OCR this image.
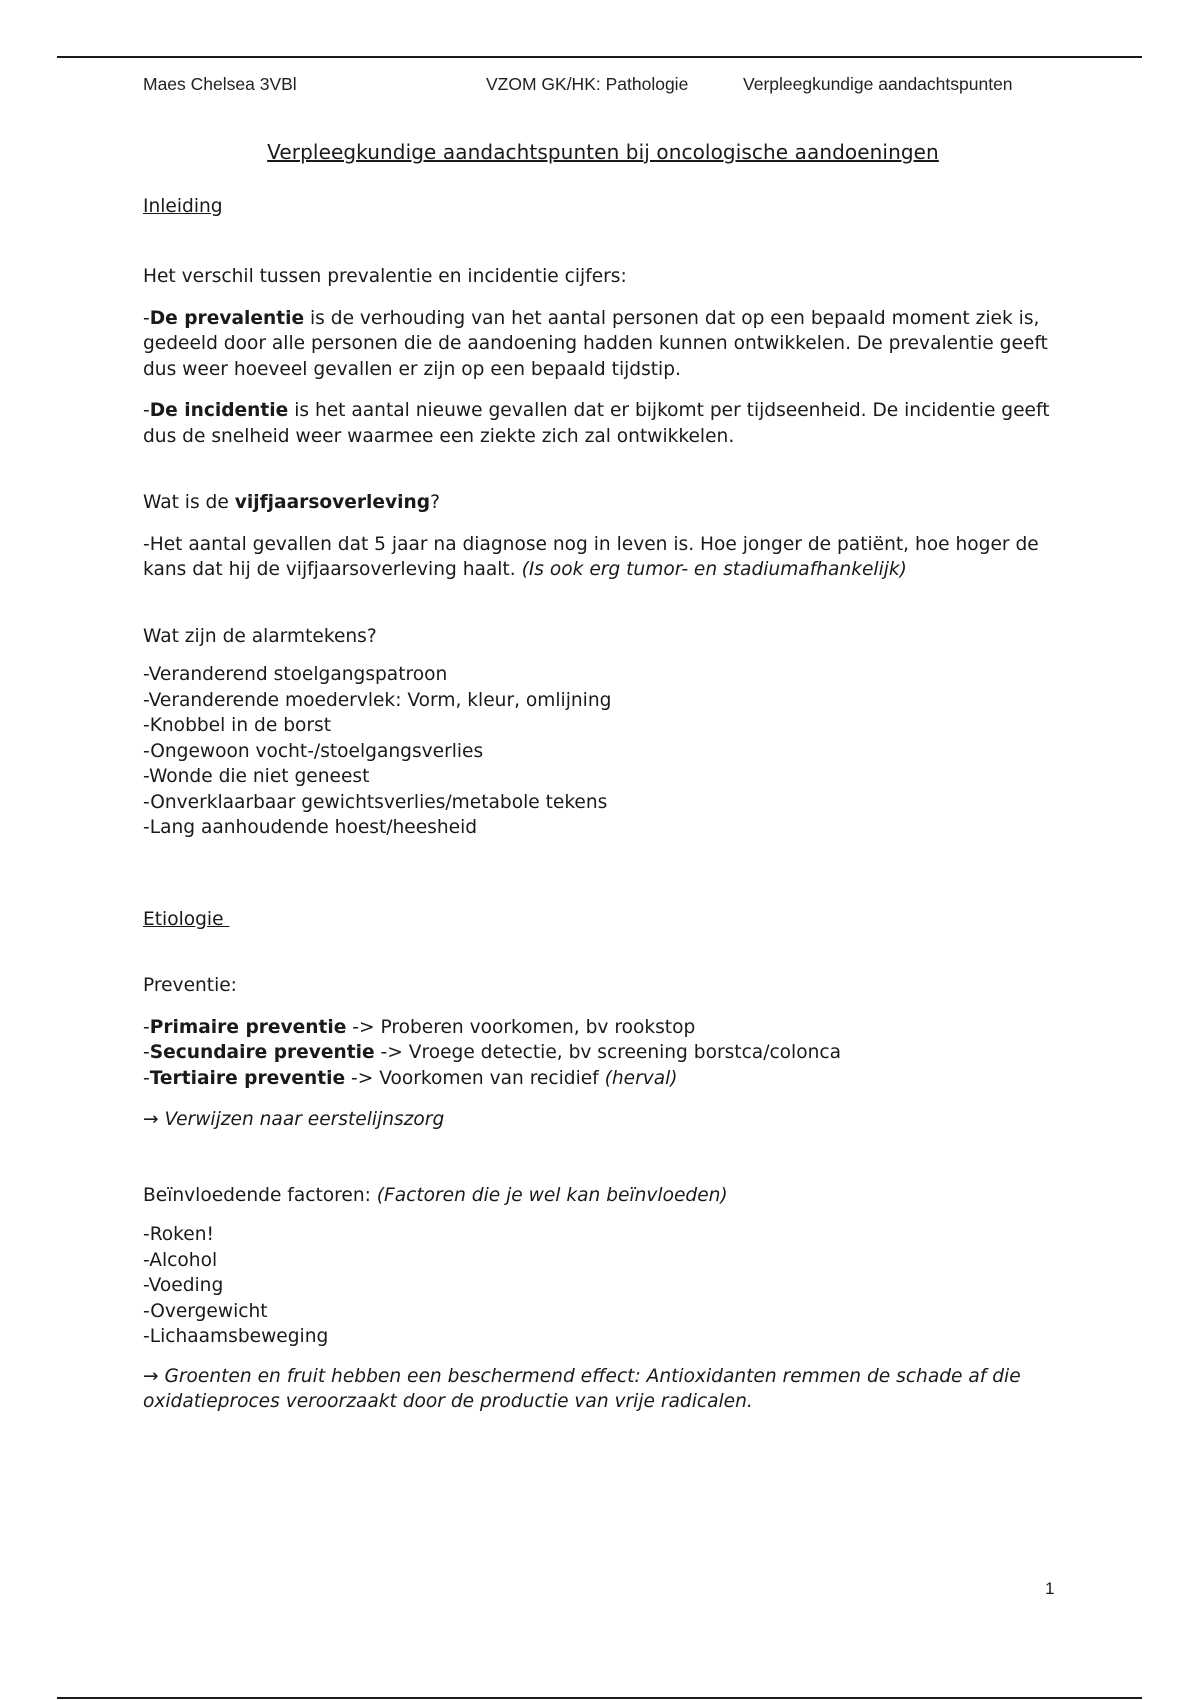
Maes Chelsea 3VBl	VZOM GK/HK: Pathologie	Verpleegkundige aandachtspunten

Verpleegkundige aandachtspunten bij oncologische aandoeningen

Inleiding

Het verschil tussen prevalentie en incidentie cijfers:

-De prevalentie is de verhouding van het aantal personen dat op een bepaald moment ziek is, gedeeld door alle personen die de aandoening hadden kunnen ontwikkelen. De prevalentie geeft dus weer hoeveel gevallen er zijn op een bepaald tijdstip.

-De incidentie is het aantal nieuwe gevallen dat er bijkomt per tijdseenheid. De incidentie geeft dus de snelheid weer waarmee een ziekte zich zal ontwikkelen.

Wat is de vijfjaarsoverleving?

-Het aantal gevallen dat 5 jaar na diagnose nog in leven is. Hoe jonger de patiënt, hoe hoger de kans dat hij de vijfjaarsoverleving haalt. (Is ook erg tumor- en stadiumafhankelijk)

Wat zijn de alarmtekens?

-Veranderend stoelgangspatroon

-Veranderende moedervlek: Vorm, kleur, omlijning

-Knobbel in de borst

-Ongewoon vocht-/stoelgangsverlies

-Wonde die niet geneest

-Onverklaarbaar gewichtsverlies/metabole tekens

-Lang aanhoudende hoest/heesheid

Etiologie

Preventie:

-Primaire preventie -> Proberen voorkomen, bv rookstop

-Secundaire preventie -> Vroege detectie, bv screening borstca/colonca

-Tertiaire preventie -> Voorkomen van recidief (herval)

→ Verwijzen naar eerstelijnszorg

Beïnvloedende factoren: (Factoren die je wel kan beïnvloeden)

-Roken!

-Alcohol

-Voeding

-Overgewicht

-Lichaamsbeweging

→ Groenten en fruit hebben een beschermend effect: Antioxidanten remmen de schade af die oxidatieproces veroorzaakt door de productie van vrije radicalen.

1
